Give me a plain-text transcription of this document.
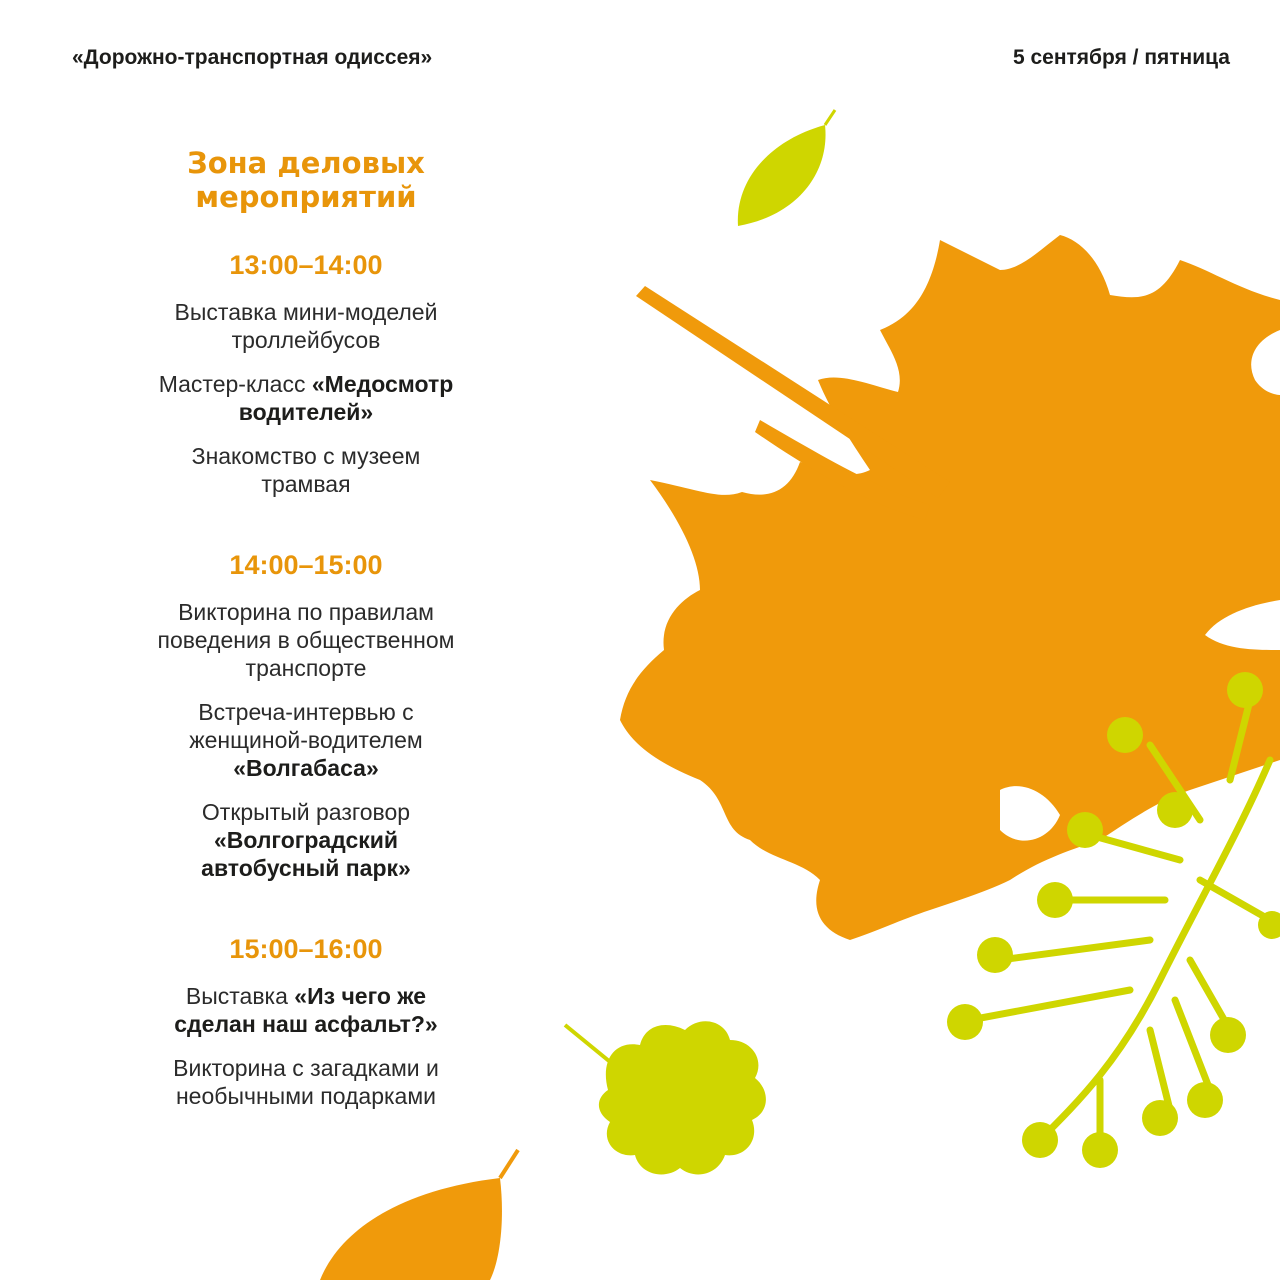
«Дорожно-транспортная одиссея»	5 сентября / пятница
Зона деловых
мероприятий
13:00–14:00
Выставка мини-моделей
троллейбусов
Мастер-класс «Медосмотр
водителей»
Знакомство с музеем
трамвая
14:00–15:00
Викторина по правилам
поведения в общественном
транспорте
Встреча-интервью с
женщиной-водителем
«Волгабаса»
Открытый разговор
«Волгоградский
автобусный парк»
15:00–16:00
Выставка «Из чего же
сделан наш асфальт?»
Викторина с загадками и
необычными подарками
